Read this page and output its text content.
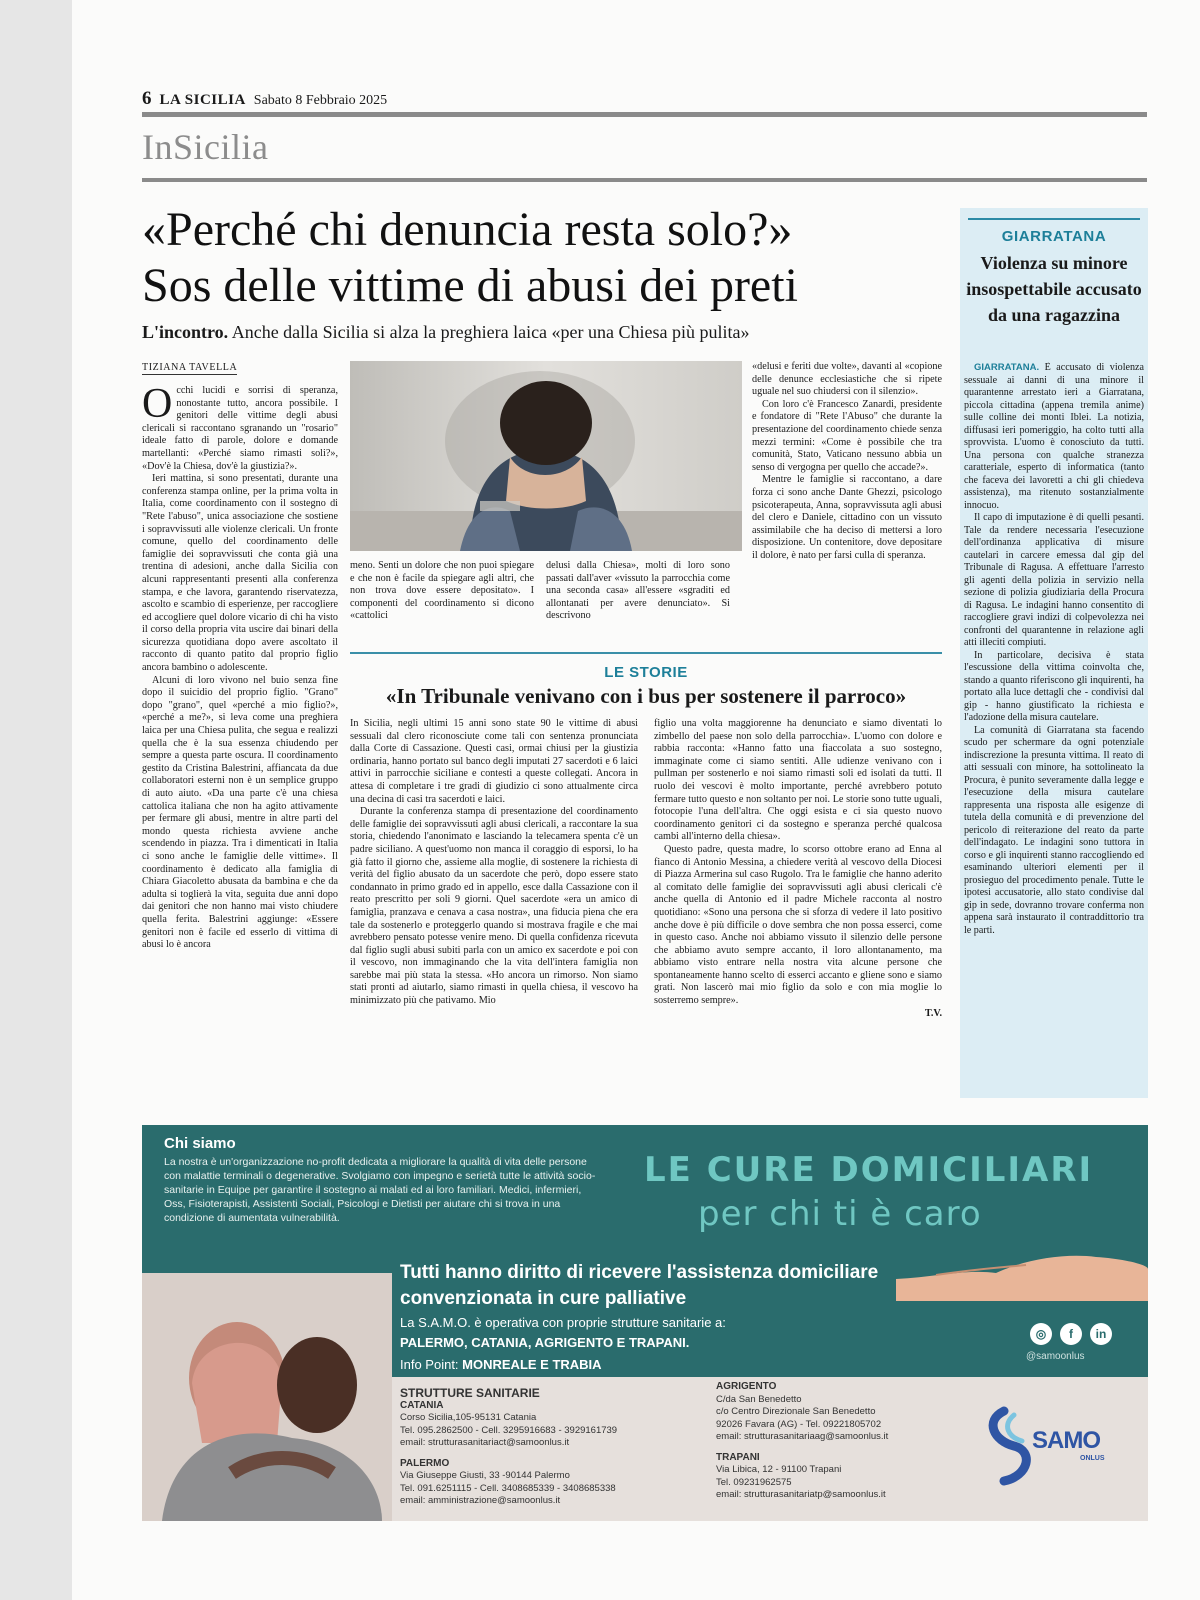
6 LA SICILIA Sabato 8 Febbraio 2025
InSicilia
«Perché chi denuncia resta solo?»
Sos delle vittime di abusi dei preti
L'incontro. Anche dalla Sicilia si alza la preghiera laica «per una Chiesa più pulita»
TIZIANA TAVELLA

Occhi lucidi e sorrisi di speranza, nonostante tutto, ancora possibile. I genitori delle vittime degli abusi clericali si raccontano sgranando un "rosario" ideale fatto di parole, dolore e domande martellanti: «Perché siamo rimasti soli?», «Dov'è la Chiesa, dov'è la giustizia?».

Ieri mattina, si sono presentati, durante una conferenza stampa online, per la prima volta in Italia, come coordinamento con il sostegno di "Rete l'abuso", unica associazione che sostiene i sopravvissuti alle violenze clericali. Un fronte comune, quello del coordinamento delle famiglie dei sopravvissuti che conta già una trentina di adesioni, anche dalla Sicilia con alcuni rappresentanti presenti alla conferenza stampa, e che lavora, garantendo riservatezza, ascolto e scambio di esperienze, per raccogliere ed accogliere quel dolore vicario di chi ha visto il corso della propria vita uscire dai binari della sicurezza quotidiana dopo avere ascoltato il racconto di quanto patito dal proprio figlio ancora bambino o adolescente.

Alcuni di loro vivono nel buio senza fine dopo il suicidio del proprio figlio. "Grano" dopo "grano", quel «perché a mio figlio?», «perché a me?», si leva come una preghiera laica per una Chiesa pulita, che segua e realizzi quella che è la sua essenza chiudendo per sempre a questa parte oscura. Il coordinamento gestito da Cristina Balestrini, affiancata da due collaboratori esterni non è un semplice gruppo di auto aiuto. «Da una parte c'è una chiesa cattolica italiana che non ha agito attivamente per fermare gli abusi, mentre in altre parti del mondo questa richiesta avviene anche scendendo in piazza. Tra i dimenticati in Italia ci sono anche le famiglie delle vittime». Il coordinamento è dedicato alla famiglia di Chiara Giacoletto abusata da bambina e che da adulta si toglierà la vita, seguita due anni dopo dai genitori che non hanno mai visto chiudere quella ferita. Balestrini aggiunge: «Essere genitori non è facile ed esserlo di vittima di abusi lo è ancora

meno. Senti un dolore che non puoi spiegare e che non è facile da spiegare agli altri, che non trova dove essere depositato». I componenti del coordinamento si dicono «cattolici

delusi dalla Chiesa», molti di loro sono passati dall'aver «vissuto la parrocchia come una seconda casa» all'essere «sgraditi ed allontanati per avere denunciato». Si descrivono

«delusi e feriti due volte», davanti al «copione delle denunce ecclesiastiche che si ripete uguale nel suo chiudersi con il silenzio».

Con loro c'è Francesco Zanardi, presidente e fondatore di "Rete l'Abuso" che durante la presentazione del coordinamento chiede senza mezzi termini: «Come è possibile che tra comunità, Stato, Vaticano nessuno abbia un senso di vergogna per quello che accade?».

Mentre le famiglie si raccontano, a dare forza ci sono anche Dante Ghezzi, psicologo psicoterapeuta, Anna, sopravvissuta agli abusi del clero e Daniele, cittadino con un vissuto assimilabile che ha deciso di mettersi a loro disposizione. Un contenitore, dove depositare il dolore, è nato per farsi culla di speranza.

LE STORIE
«In Tribunale venivano con i bus per sostenere il parroco»

In Sicilia, negli ultimi 15 anni sono state 90 le vittime di abusi sessuali dal clero riconosciute come tali con sentenza pronunciata dalla Corte di Cassazione. Questi casi, ormai chiusi per la giustizia ordinaria, hanno portato sul banco degli imputati 27 sacerdoti e 6 laici attivi in parrocchie siciliane e contesti a queste collegati. Ancora in attesa di completare i tre gradi di giudizio ci sono attualmente circa una decina di casi tra sacerdoti e laici.

Durante la conferenza stampa di presentazione del coordinamento delle famiglie dei sopravvissuti agli abusi clericali, a raccontare la sua storia, chiedendo l'anonimato e lasciando la telecamera spenta c'è un padre siciliano. A quest'uomo non manca il coraggio di esporsi, lo ha già fatto il giorno che, assieme alla moglie, di sostenere la richiesta di verità del figlio abusato da un sacerdote che però, dopo essere stato condannato in primo grado ed in appello, esce dalla Cassazione con il reato prescritto per soli 9 giorni. Quel sacerdote «era un amico di famiglia, pranzava e cenava a casa nostra», una fiducia piena che era tale da sostenerlo e proteggerlo quando si mostrava fragile e che mai avrebbero pensato potesse venire meno. Di quella confidenza ricevuta dal figlio sugli abusi subiti parla con un amico ex sacerdote e poi con il vescovo, non immaginando che la vita dell'intera famiglia non sarebbe mai più stata la stessa. «Ho ancora un rimorso. Non siamo stati pronti ad aiutarlo, siamo rimasti in quella chiesa, il vescovo ha minimizzato più che pativamo. Mio

figlio una volta maggiorenne ha denunciato e siamo diventati lo zimbello del paese non solo della parrocchia». L'uomo con dolore e rabbia racconta: «Hanno fatto una fiaccolata a suo sostegno, immaginate come ci siamo sentiti. Alle udienze venivano con i pullman per sostenerlo e noi siamo rimasti soli ed isolati da tutti. Il ruolo dei vescovi è molto importante, perché avrebbero potuto fermare tutto questo e non soltanto per noi. Le storie sono tutte uguali, fotocopie l'una dell'altra. Che oggi esista e ci sia questo nuovo coordinamento genitori ci da sostegno e speranza perché qualcosa cambi all'interno della chiesa».

Questo padre, questa madre, lo scorso ottobre erano ad Enna al fianco di Antonio Messina, a chiedere verità al vescovo della Diocesi di Piazza Armerina sul caso Rugolo. Tra le famiglie che hanno aderito al comitato delle famiglie dei sopravvissuti agli abusi clericali c'è anche quella di Antonio ed il padre Michele racconta al nostro quotidiano: «Sono una persona che si sforza di vedere il lato positivo anche dove è più difficile o dove sembra che non possa esserci, come in questo caso. Anche noi abbiamo vissuto il silenzio delle persone che abbiamo avuto sempre accanto, il loro allontanamento, ma abbiamo visto entrare nella nostra vita alcune persone che spontaneamente hanno scelto di esserci accanto e gliene sono e siamo grati. Non lascerò mai mio figlio da solo e con mia moglie lo sosterremo sempre».

T.V.

GIARRATANA
Violenza su minore insospettabile accusato da una ragazzina

GIARRATANA. È accusato di violenza sessuale ai danni di una minore il quarantenne arrestato ieri a Giarratana, piccola cittadina (appena tremila anime) sulle colline dei monti Iblei. La notizia, diffusasi ieri pomeriggio, ha colto tutti alla sprovvista. L'uomo è conosciuto da tutti. Una persona con qualche stranezza caratteriale, esperto di informatica (tanto che faceva dei lavoretti a chi gli chiedeva assistenza), ma ritenuto sostanzialmente innocuo.

Il capo di imputazione è di quelli pesanti. Tale da rendere necessaria l'esecuzione dell'ordinanza applicativa di misure cautelari in carcere emessa dal gip del Tribunale di Ragusa. A effettuare l'arresto gli agenti della polizia in servizio nella sezione di polizia giudiziaria della Procura di Ragusa. Le indagini hanno consentito di raccogliere gravi indizi di colpevolezza nei confronti del quarantenne in relazione agli atti illeciti compiuti.

In particolare, decisiva è stata l'escussione della vittima coinvolta che, stando a quanto riferiscono gli inquirenti, ha portato alla luce dettagli che - condivisi dal gip - hanno giustificato la richiesta e l'adozione della misura cautelare.

La comunità di Giarratana sta facendo scudo per schermare da ogni potenziale indiscrezione la presunta vittima. Il reato di atti sessuali con minore, ha sottolineato la Procura, è punito severamente dalla legge e l'esecuzione della misura cautelare rappresenta una risposta alle esigenze di tutela della comunità e di prevenzione del pericolo di reiterazione del reato da parte dell'indagato. Le indagini sono tuttora in corso e gli inquirenti stanno raccogliendo ed esaminando ulteriori elementi per il prosieguo del procedimento penale. Tutte le ipotesi accusatorie, allo stato condivise dal gip in sede, dovranno trovare conferma non appena sarà instaurato il contraddittorio tra le parti.

Chi siamo
La nostra è un'organizzazione no-profit dedicata a migliorare la qualità di vita delle persone con malattie terminali o degenerative. Svolgiamo con impegno e serietà tutte le attività socio-sanitarie in Equipe per garantire il sostegno ai malati ed ai loro familiari. Medici, infermieri, Oss, Fisioterapisti, Assistenti Sociali, Psicologi e Dietisti per aiutare chi si trova in una condizione di aumentata vulnerabilità.
LE CURE DOMICILIARI
per chi ti è caro
Tutti hanno diritto di ricevere l'assistenza domiciliare convenzionata in cure palliative
La S.A.M.O. è operativa con proprie strutture sanitarie a:
PALERMO, CATANIA, AGRIGENTO E TRAPANI.
Info Point: MONREALE E TRABIA
◎	f	in
@samoonlus
STRUTTURE SANITARIE
CATANIA
Corso Sicilia,105-95131 Catania
Tel. 095.2862500 - Cell. 3295916683 - 3929161739
email: strutturasanitariact@samoonlus.it
PALERMO
Via Giuseppe Giusti, 33 -90144 Palermo
Tel. 091.6251115 - Cell. 3408685339 - 3408685338
email: amministrazione@samoonlus.it
AGRIGENTO
C/da San Benedetto
c/o Centro Direzionale San Benedetto
92026 Favara (AG) - Tel. 09221805702
email: strutturasanitariaag@samoonlus.it
TRAPANI
Via Libica, 12 - 91100 Trapani
Tel. 09231962575
email: strutturasanitariatp@samoonlus.it
SAMO
ONLUS
